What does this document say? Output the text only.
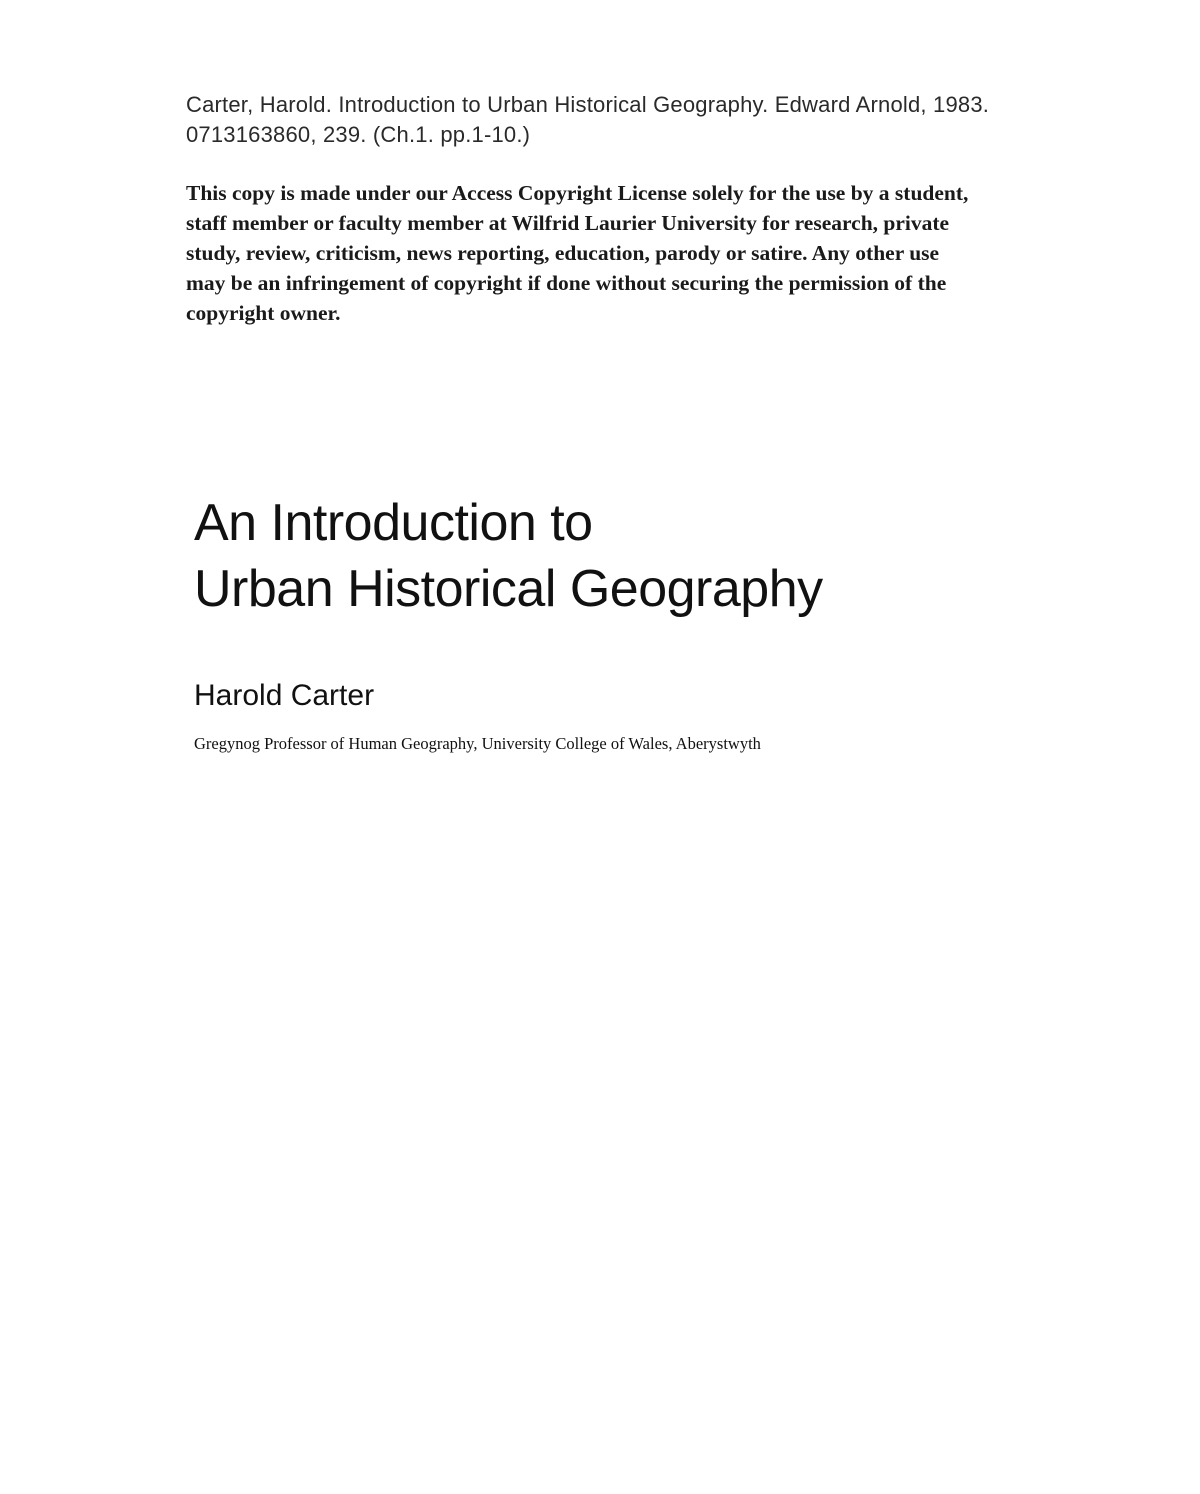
Carter, Harold. Introduction to Urban Historical Geography. Edward Arnold, 1983.
0713163860, 239. (Ch.1. pp.1-10.)
This copy is made under our Access Copyright License solely for the use by a student,
staff member or faculty member at Wilfrid Laurier University for research, private
study, review, criticism, news reporting, education, parody or satire. Any other use
may be an infringement of copyright if done without securing the permission of the
copyright owner.
An Introduction to
Urban Historical Geography
Harold Carter
Gregynog Professor of Human Geography, University College of Wales, Aberystwyth
